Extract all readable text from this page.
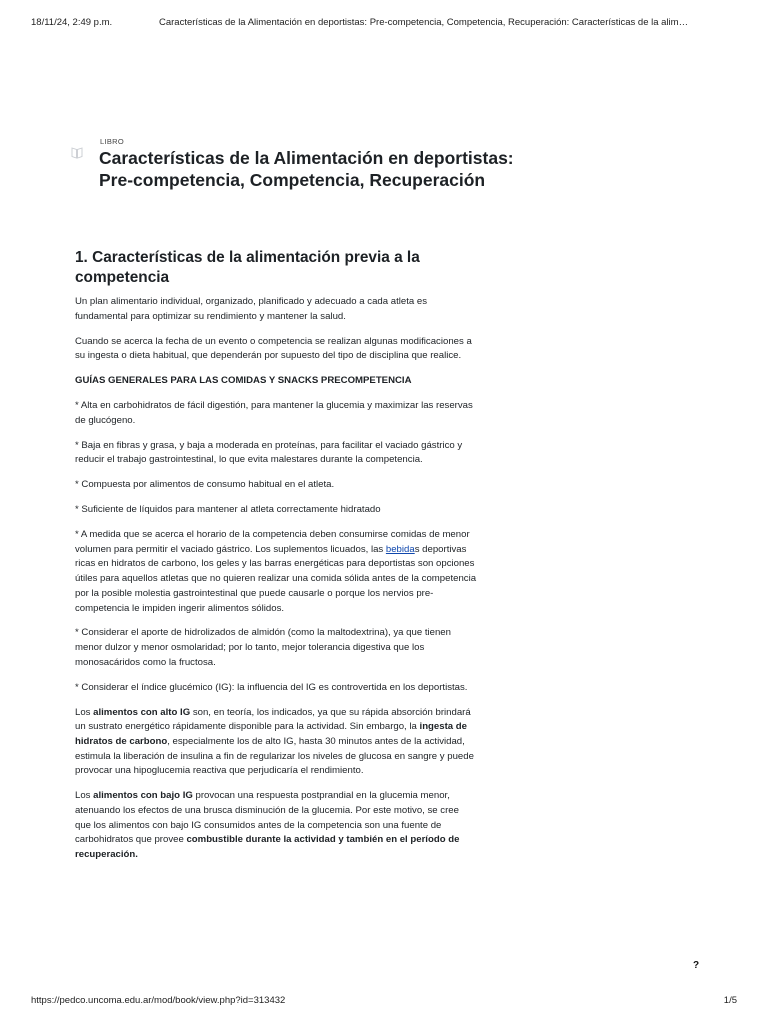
18/11/24, 2:49 p.m.	Características de la Alimentación en deportistas: Pre-competencia, Competencia, Recuperación: Características de la alim…
LIBRO
Características de la Alimentación en deportistas: Pre-competencia, Competencia, Recuperación
1. Características de la alimentación previa a la competencia

Un plan alimentario individual, organizado, planificado y adecuado a cada atleta es fundamental para optimizar su rendimiento y mantener la salud.

Cuando se acerca la fecha de un evento o competencia se realizan algunas modificaciones a su ingesta o dieta habitual, que dependerán por supuesto del tipo de disciplina que realice.

GUÍAS GENERALES PARA LAS COMIDAS Y SNACKS PRECOMPETENCIA

* Alta en carbohidratos de fácil digestión, para mantener la glucemia y maximizar las reservas de glucógeno.

* Baja en fibras y grasa, y baja a moderada en proteínas, para facilitar el vaciado gástrico y reducir el trabajo gastrointestinal, lo que evita malestares durante la competencia.

* Compuesta por alimentos de consumo habitual en el atleta.

* Suficiente de líquidos para mantener al atleta correctamente hidratado

* A medida que se acerca el horario de la competencia deben consumirse comidas de menor volumen para permitir el vaciado gástrico. Los suplementos licuados, las bebidas deportivas ricas en hidratos de carbono, los geles y las barras energéticas para deportistas son opciones útiles para aquellos atletas que no quieren realizar una comida sólida antes de la competencia por la posible molestia gastrointestinal que puede causarle o porque los nervios pre-competencia le impiden ingerir alimentos sólidos.

* Considerar el aporte de hidrolizados de almidón (como la maltodextrina), ya que tienen menor dulzor y menor osmolaridad; por lo tanto, mejor tolerancia digestiva que los monosacáridos como la fructosa.

* Considerar el índice glucémico (IG): la influencia del IG es controvertida en los deportistas.

Los alimentos con alto IG son, en teoría, los indicados, ya que su rápida absorción brindará un sustrato energético rápidamente disponible para la actividad. Sin embargo, la ingesta de hidratos de carbono, especialmente los de alto IG, hasta 30 minutos antes de la actividad, estimula la liberación de insulina a fin de regularizar los niveles de glucosa en sangre y puede provocar una hipoglucemia reactiva que perjudicaría el rendimiento.

Los alimentos con bajo IG provocan una respuesta postprandial en la glucemia menor, atenuando los efectos de una brusca disminución de la glucemia. Por este motivo, se cree que los alimentos con bajo IG consumidos antes de la competencia son una fuente de carbohidratos que provee combustible durante la actividad y también en el período de recuperación.

?
https://pedco.uncoma.edu.ar/mod/book/view.php?id=313432	1/5
